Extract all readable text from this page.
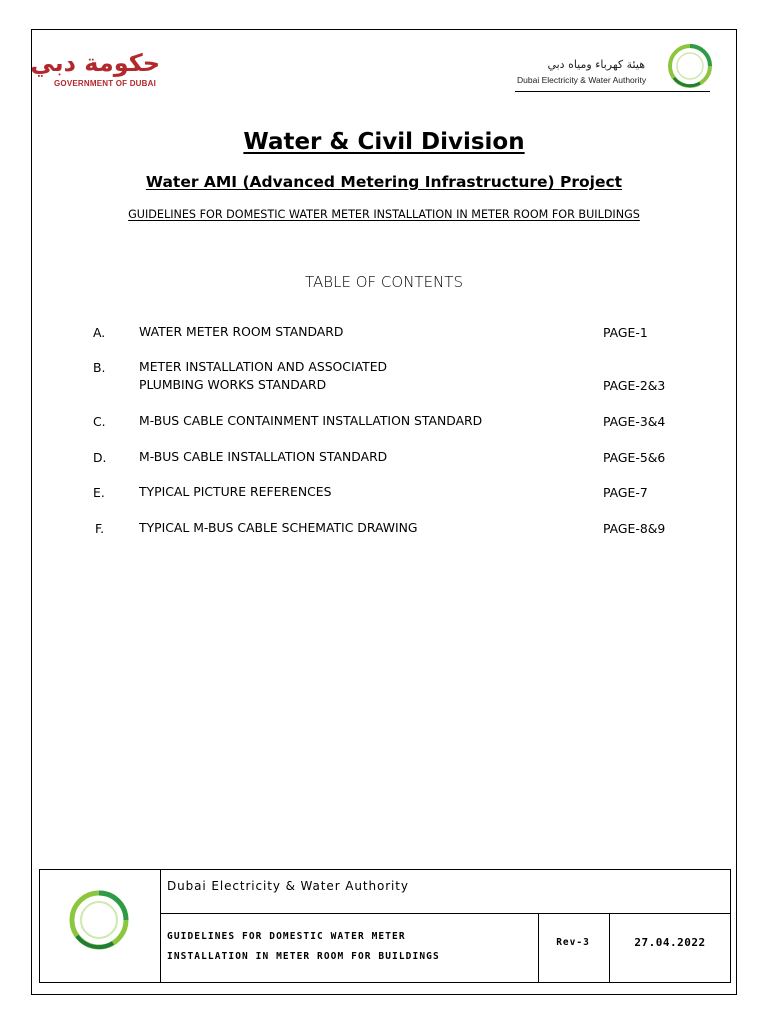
حكومة دبي
GOVERNMENT OF DUBAI
هيئة كهرباء ومياه دبي
Dubai Electricity & Water Authority
Water & Civil Division
Water AMI (Advanced Metering Infrastructure) Project
GUIDELINES FOR DOMESTIC WATER METER INSTALLATION IN METER ROOM FOR BUILDINGS
TABLE OF CONTENTS
A.	WATER METER ROOM STANDARD	PAGE-1
B.	METER INSTALLATION AND ASSOCIATED
PLUMBING WORKS STANDARD	PAGE-2&3
C.	M-BUS CABLE CONTAINMENT INSTALLATION STANDARD	PAGE-3&4
D.	M-BUS CABLE INSTALLATION STANDARD	PAGE-5&6
E.	TYPICAL PICTURE REFERENCES	PAGE-7
F.	TYPICAL M-BUS CABLE SCHEMATIC DRAWING	PAGE-8&9
Dubai Electricity & Water Authority
GUIDELINES FOR DOMESTIC WATER METER
INSTALLATION IN METER ROOM FOR BUILDINGS
Rev-3	27.04.2022
